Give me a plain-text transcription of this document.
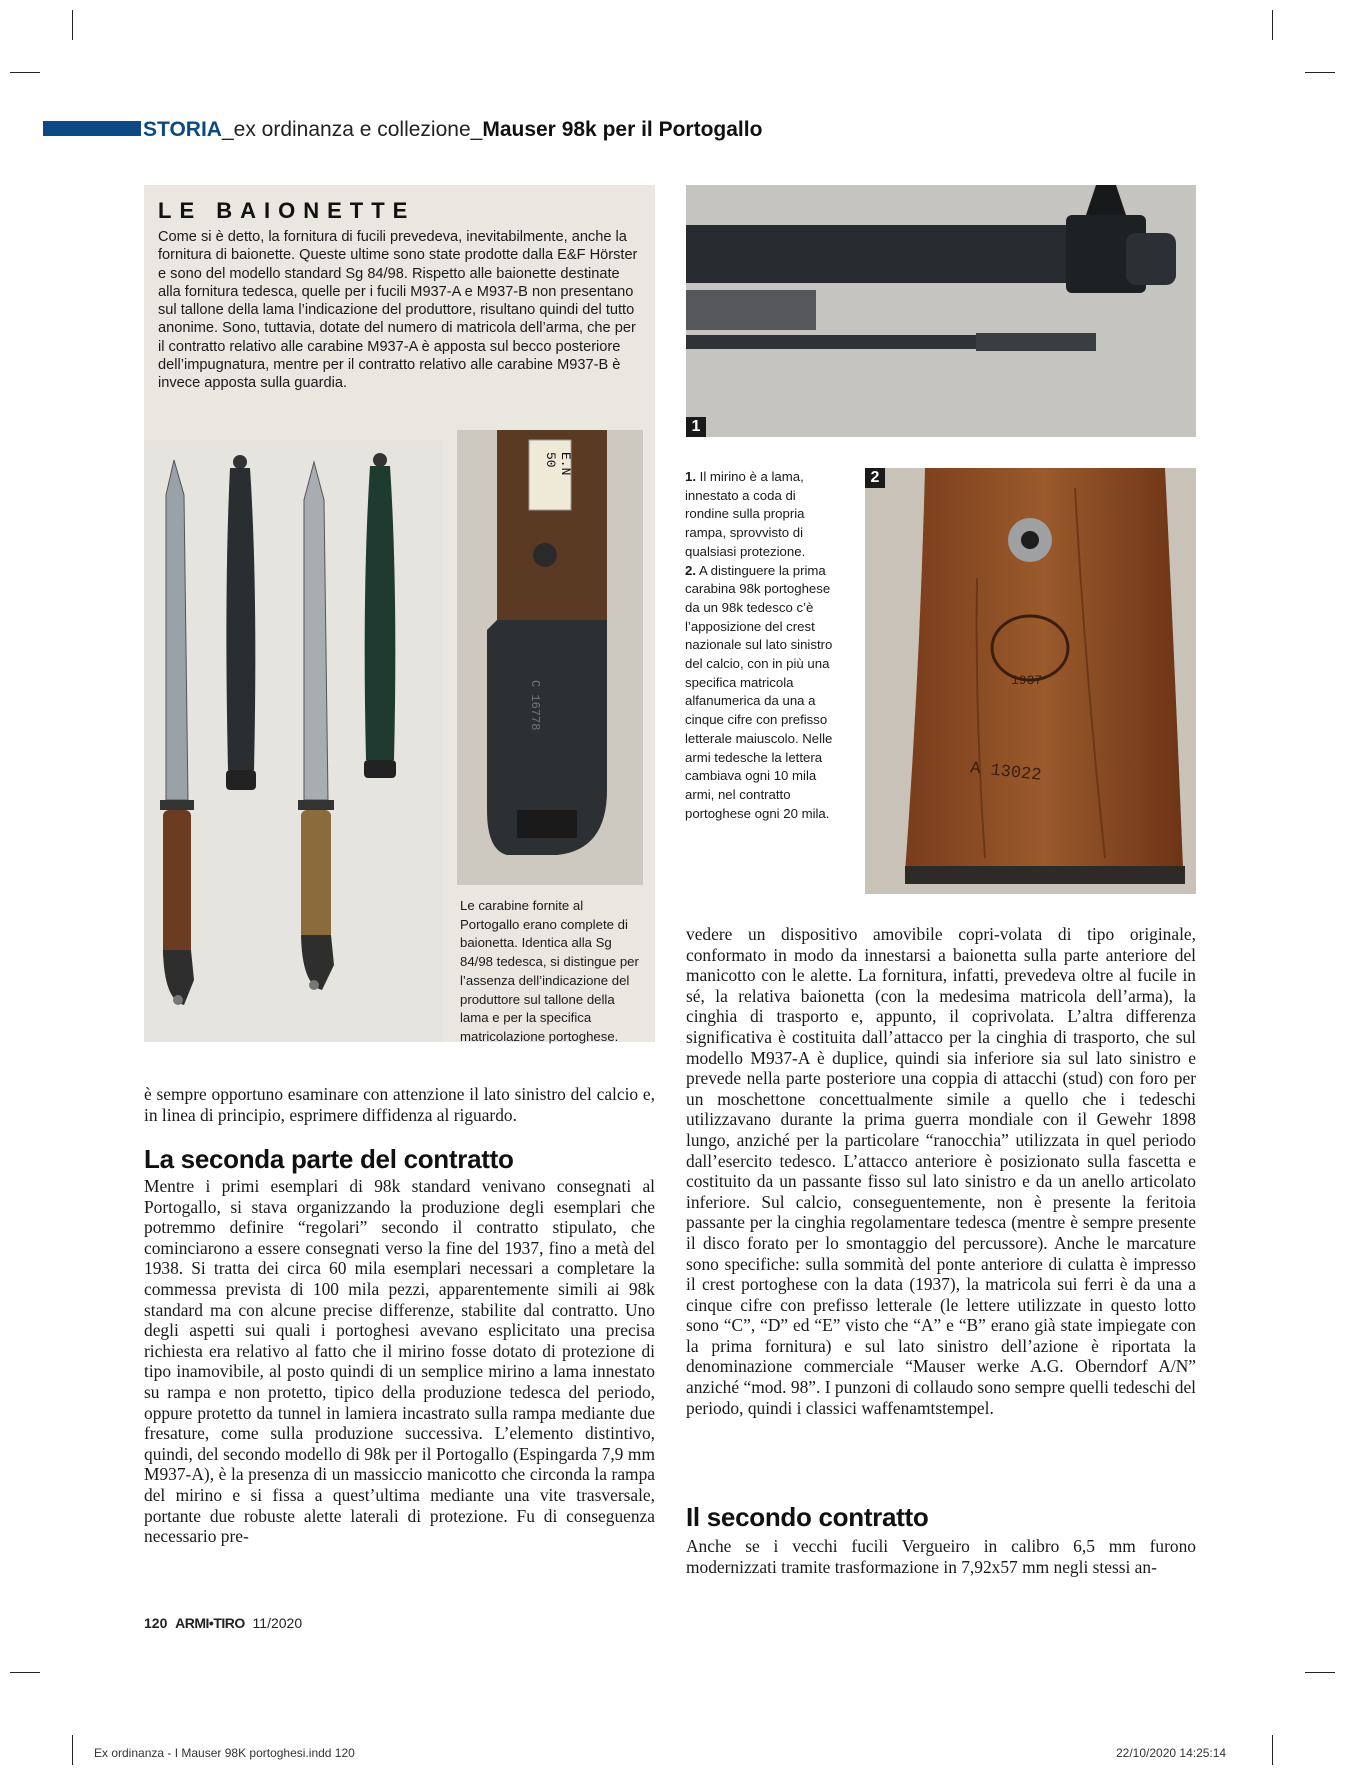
STORIA_ex ordinanza e collezione_Mauser 98k per il Portogallo
LE BAIONETTE
Come si è detto, la fornitura di fucili prevedeva, inevitabilmente, anche la fornitura di baionette. Queste ultime sono state prodotte dalla E&F Hörster e sono del modello standard Sg 84/98. Rispetto alle baionette destinate alla fornitura tedesca, quelle per i fucili M937-A e M937-B non presentano sul tallone della lama l’indicazione del produttore, risultano quindi del tutto anonime. Sono, tuttavia, dotate del numero di matricola dell’arma, che per il contratto relativo alle carabine M937-A è apposta sul becco posteriore dell’impugnatura, mentre per il contratto relativo alle carabine M937-B è invece apposta sulla guardia.
E.N 50
C 16778
Le carabine fornite al Portogallo erano complete di baionetta. Identica alla Sg 84/98 tedesca, si distingue per l’assenza dell’indicazione del produttore sul tallone della lama e per la specifica matricolazione portoghese.
1
1. Il mirino è a lama, innestato a coda di rondine sulla propria rampa, sprovvisto di qualsiasi protezione.
2. A distinguere la prima carabina 98k portoghese da un 98k tedesco c’è l’apposizione del crest nazionale sul lato sinistro del calcio, con in più una specifica matricola alfanumerica da una a cinque cifre con prefisso letterale maiuscolo. Nelle armi tedesche la lettera cambiava ogni 10 mila armi, nel contratto portoghese ogni 20 mila.
1937
A 13022
2
è sempre opportuno esaminare con attenzione il lato sinistro del calcio e, in linea di principio, esprimere diffidenza al riguardo.
La seconda parte del contratto
Mentre i primi esemplari di 98k standard venivano consegnati al Portogallo, si stava organizzando la produzione degli esemplari che potremmo definire “regolari” secondo il contratto stipulato, che cominciarono a essere consegnati verso la fine del 1937, fino a metà del 1938. Si tratta dei circa 60 mila esemplari necessari a completare la commessa prevista di 100 mila pezzi, apparentemente simili ai 98k standard ma con alcune precise differenze, stabilite dal contratto. Uno degli aspetti sui quali i portoghesi avevano esplicitato una precisa richiesta era relativo al fatto che il mirino fosse dotato di protezione di tipo inamovibile, al posto quindi di un semplice mirino a lama innestato su rampa e non protetto, tipico della produzione tedesca del periodo, oppure protetto da tunnel in lamiera incastrato sulla rampa mediante due fresature, come sulla produzione successiva. L’elemento distintivo, quindi, del secondo modello di 98k per il Portogallo (Espingarda 7,9 mm M937-A), è la presenza di un massiccio manicotto che circonda la rampa del mirino e si fissa a quest’ultima mediante una vite trasversale, portante due robuste alette laterali di protezione. Fu di conseguenza necessario pre-
vedere un dispositivo amovibile copri-volata di tipo originale, conformato in modo da innestarsi a baionetta sulla parte anteriore del manicotto con le alette. La fornitura, infatti, prevedeva oltre al fucile in sé, la relativa baionetta (con la medesima matricola dell’arma), la cinghia di trasporto e, appunto, il coprivolata. L’altra differenza significativa è costituita dall’attacco per la cinghia di trasporto, che sul modello M937-A è duplice, quindi sia inferiore sia sul lato sinistro e prevede nella parte posteriore una coppia di attacchi (stud) con foro per un moschettone concettualmente simile a quello che i tedeschi utilizzavano durante la prima guerra mondiale con il Gewehr 1898 lungo, anziché per la particolare “ranocchia” utilizzata in quel periodo dall’esercito tedesco. L’attacco anteriore è posizionato sulla fascetta e costituito da un passante fisso sul lato sinistro e da un anello articolato inferiore. Sul calcio, conseguentemente, non è presente la feritoia passante per la cinghia regolamentare tedesca (mentre è sempre presente il disco forato per lo smontaggio del percussore). Anche le marcature sono specifiche: sulla sommità del ponte anteriore di culatta è impresso il crest portoghese con la data (1937), la matricola sui ferri è da una a cinque cifre con prefisso letterale (le lettere utilizzate in questo lotto sono “C”, “D” ed “E” visto che “A” e “B” erano già state impiegate con la prima fornitura) e sul lato sinistro dell’azione è riportata la denominazione commerciale “Mauser werke A.G. Oberndorf A/N” anziché “mod. 98”. I punzoni di collaudo sono sempre quelli tedeschi del periodo, quindi i classici waffenamtstempel.
Il secondo contratto
Anche se i vecchi fucili Vergueiro in calibro 6,5 mm furono modernizzati tramite trasformazione in 7,92x57 mm negli stessi an-
120 ARMI•TIRO 11/2020
Ex ordinanza - I Mauser 98K portoghesi.indd 120	22/10/2020 14:25:14
